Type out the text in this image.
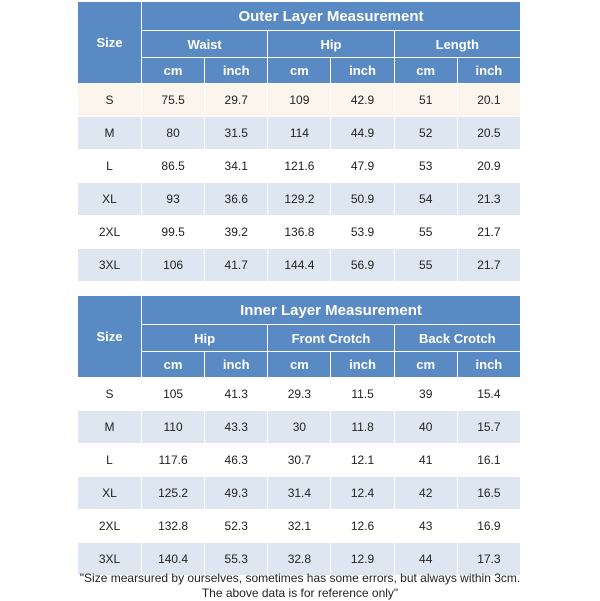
Size	Outer Layer Measurement					
	Waist		Hip		Length	
	cm	inch	cm	inch	cm	inch
S	75.5	29.7	109	42.9	51	20.1
M	80	31.5	114	44.9	52	20.5
L	86.5	34.1	121.6	47.9	53	20.9
XL	93	36.6	129.2	50.9	54	21.3
2XL	99.5	39.2	136.8	53.9	55	21.7
3XL	106	41.7	144.4	56.9	55	21.7
Size	Inner Layer Measurement					
	Hip		Front Crotch		Back Crotch	
	cm	inch	cm	inch	cm	inch
S	105	41.3	29.3	11.5	39	15.4
M	110	43.3	30	11.8	40	15.7
L	117.6	46.3	30.7	12.1	41	16.1
XL	125.2	49.3	31.4	12.4	42	16.5
2XL	132.8	52.3	32.1	12.6	43	16.9
3XL	140.4	55.3	32.8	12.9	44	17.3
"Size mearsured by ourselves, sometimes has some errors, but always within 3cm.
The above data is for reference only"
